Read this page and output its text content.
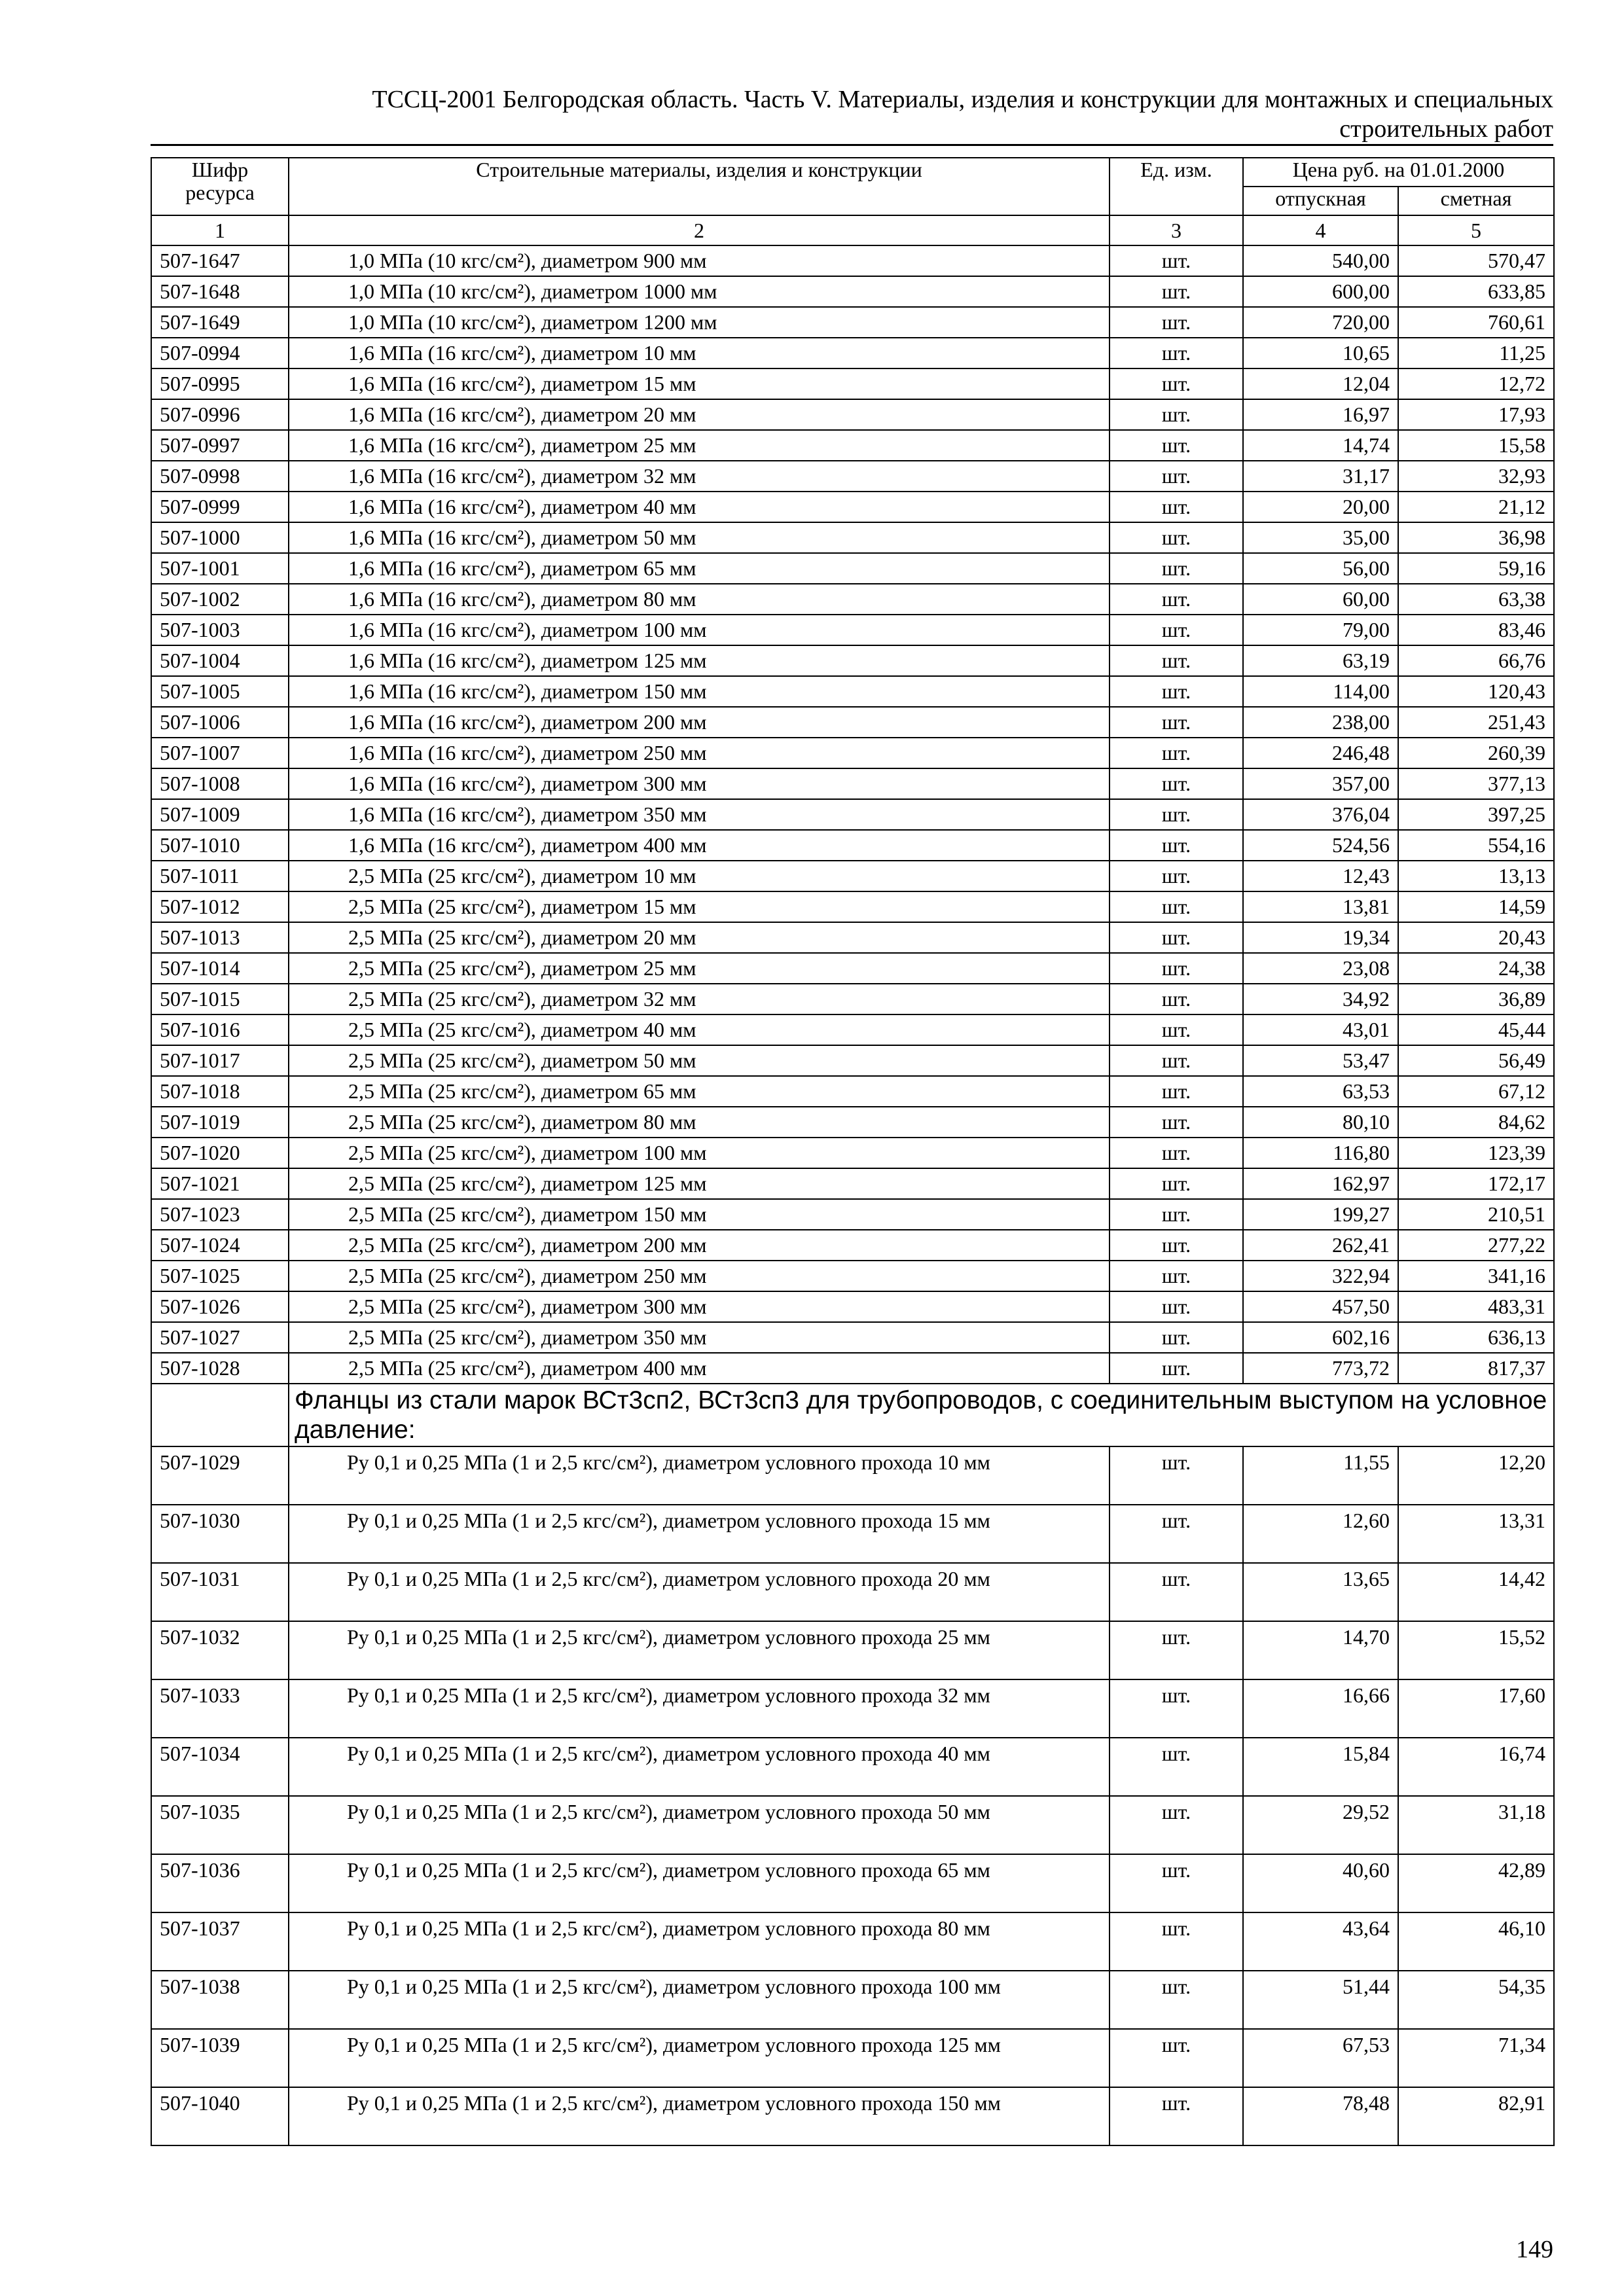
ТССЦ-2001 Белгородская область. Часть V. Материалы, изделия и конструкции для монтажных и специальных
строительных работ
Шифр ресурса	Строительные материалы, изделия и конструкции	Ед. изм.	Цена руб. на 01.01.2000	
			отпускная	сметная
1	2	3	4	5
507-1647	1,0 МПа (10 кгс/см²), диаметром 900 мм	шт.	540,00	570,47
507-1648	1,0 МПа (10 кгс/см²), диаметром 1000 мм	шт.	600,00	633,85
507-1649	1,0 МПа (10 кгс/см²), диаметром 1200 мм	шт.	720,00	760,61
507-0994	1,6 МПа (16 кгс/см²), диаметром 10 мм	шт.	10,65	11,25
507-0995	1,6 МПа (16 кгс/см²), диаметром 15 мм	шт.	12,04	12,72
507-0996	1,6 МПа (16 кгс/см²), диаметром 20 мм	шт.	16,97	17,93
507-0997	1,6 МПа (16 кгс/см²), диаметром 25 мм	шт.	14,74	15,58
507-0998	1,6 МПа (16 кгс/см²), диаметром 32 мм	шт.	31,17	32,93
507-0999	1,6 МПа (16 кгс/см²), диаметром 40 мм	шт.	20,00	21,12
507-1000	1,6 МПа (16 кгс/см²), диаметром 50 мм	шт.	35,00	36,98
507-1001	1,6 МПа (16 кгс/см²), диаметром 65 мм	шт.	56,00	59,16
507-1002	1,6 МПа (16 кгс/см²), диаметром 80 мм	шт.	60,00	63,38
507-1003	1,6 МПа (16 кгс/см²), диаметром 100 мм	шт.	79,00	83,46
507-1004	1,6 МПа (16 кгс/см²), диаметром 125 мм	шт.	63,19	66,76
507-1005	1,6 МПа (16 кгс/см²), диаметром 150 мм	шт.	114,00	120,43
507-1006	1,6 МПа (16 кгс/см²), диаметром 200 мм	шт.	238,00	251,43
507-1007	1,6 МПа (16 кгс/см²), диаметром 250 мм	шт.	246,48	260,39
507-1008	1,6 МПа (16 кгс/см²), диаметром 300 мм	шт.	357,00	377,13
507-1009	1,6 МПа (16 кгс/см²), диаметром 350 мм	шт.	376,04	397,25
507-1010	1,6 МПа (16 кгс/см²), диаметром 400 мм	шт.	524,56	554,16
507-1011	2,5 МПа (25 кгс/см²), диаметром 10 мм	шт.	12,43	13,13
507-1012	2,5 МПа (25 кгс/см²), диаметром 15 мм	шт.	13,81	14,59
507-1013	2,5 МПа (25 кгс/см²), диаметром 20 мм	шт.	19,34	20,43
507-1014	2,5 МПа (25 кгс/см²), диаметром 25 мм	шт.	23,08	24,38
507-1015	2,5 МПа (25 кгс/см²), диаметром 32 мм	шт.	34,92	36,89
507-1016	2,5 МПа (25 кгс/см²), диаметром 40 мм	шт.	43,01	45,44
507-1017	2,5 МПа (25 кгс/см²), диаметром 50 мм	шт.	53,47	56,49
507-1018	2,5 МПа (25 кгс/см²), диаметром 65 мм	шт.	63,53	67,12
507-1019	2,5 МПа (25 кгс/см²), диаметром 80 мм	шт.	80,10	84,62
507-1020	2,5 МПа (25 кгс/см²), диаметром 100 мм	шт.	116,80	123,39
507-1021	2,5 МПа (25 кгс/см²), диаметром 125 мм	шт.	162,97	172,17
507-1023	2,5 МПа (25 кгс/см²), диаметром 150 мм	шт.	199,27	210,51
507-1024	2,5 МПа (25 кгс/см²), диаметром 200 мм	шт.	262,41	277,22
507-1025	2,5 МПа (25 кгс/см²), диаметром 250 мм	шт.	322,94	341,16
507-1026	2,5 МПа (25 кгс/см²), диаметром 300 мм	шт.	457,50	483,31
507-1027	2,5 МПа (25 кгс/см²), диаметром 350 мм	шт.	602,16	636,13
507-1028	2,5 МПа (25 кгс/см²), диаметром 400 мм	шт.	773,72	817,37
	Фланцы из стали марок ВСт3сп2, ВСт3сп3 для трубопроводов, с соединительным выступом на условное давление:			
507-1029	Ру 0,1 и 0,25 МПа (1 и 2,5 кгс/см²), диаметром условного прохода 10 мм	шт.	11,55	12,20
507-1030	Ру 0,1 и 0,25 МПа (1 и 2,5 кгс/см²), диаметром условного прохода 15 мм	шт.	12,60	13,31
507-1031	Ру 0,1 и 0,25 МПа (1 и 2,5 кгс/см²), диаметром условного прохода 20 мм	шт.	13,65	14,42
507-1032	Ру 0,1 и 0,25 МПа (1 и 2,5 кгс/см²), диаметром условного прохода 25 мм	шт.	14,70	15,52
507-1033	Ру 0,1 и 0,25 МПа (1 и 2,5 кгс/см²), диаметром условного прохода 32 мм	шт.	16,66	17,60
507-1034	Ру 0,1 и 0,25 МПа (1 и 2,5 кгс/см²), диаметром условного прохода 40 мм	шт.	15,84	16,74
507-1035	Ру 0,1 и 0,25 МПа (1 и 2,5 кгс/см²), диаметром условного прохода 50 мм	шт.	29,52	31,18
507-1036	Ру 0,1 и 0,25 МПа (1 и 2,5 кгс/см²), диаметром условного прохода 65 мм	шт.	40,60	42,89
507-1037	Ру 0,1 и 0,25 МПа (1 и 2,5 кгс/см²), диаметром условного прохода 80 мм	шт.	43,64	46,10
507-1038	Ру 0,1 и 0,25 МПа (1 и 2,5 кгс/см²), диаметром условного прохода 100 мм	шт.	51,44	54,35
507-1039	Ру 0,1 и 0,25 МПа (1 и 2,5 кгс/см²), диаметром условного прохода 125 мм	шт.	67,53	71,34
507-1040	Ру 0,1 и 0,25 МПа (1 и 2,5 кгс/см²), диаметром условного прохода 150 мм	шт.	78,48	82,91
149
